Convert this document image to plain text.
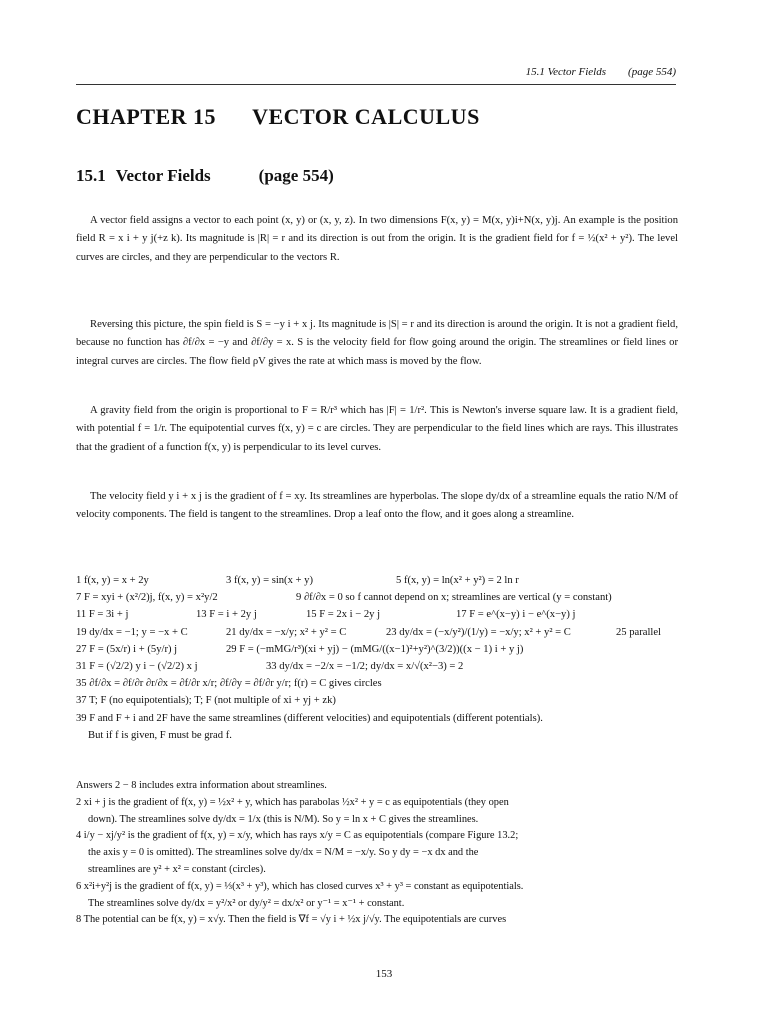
15.1 Vector Fields (page 554)
CHAPTER 15 VECTOR CALCULUS
15.1 Vector Fields	(page 554)

A vector field assigns a vector to each point (x, y) or (x, y, z). In two dimensions F(x, y) = M(x, y)i+N(x, y)j. An example is the position field R = x i + y j(+z k). Its magnitude is |R| = r and its direction is out from the origin. It is the gradient field for f = ½(x² + y²). The level curves are circles, and they are perpendicular to the vectors R.

Reversing this picture, the spin field is S = −y i + x j. Its magnitude is |S| = r and its direction is around the origin. It is not a gradient field, because no function has ∂f/∂x = −y and ∂f/∂y = x. S is the velocity field for flow going around the origin. The streamlines or field lines or integral curves are circles. The flow field ρV gives the rate at which mass is moved by the flow.

A gravity field from the origin is proportional to F = R/r³ which has |F| = 1/r². This is Newton's inverse square law. It is a gradient field, with potential f = 1/r. The equipotential curves f(x, y) = c are circles. They are perpendicular to the field lines which are rays. This illustrates that the gradient of a function f(x, y) is perpendicular to its level curves.

The velocity field y i + x j is the gradient of f = xy. Its streamlines are hyperbolas. The slope dy/dx of a streamline equals the ratio N/M of velocity components. The field is tangent to the streamlines. Drop a leaf onto the flow, and it goes along a streamline.

1 f(x, y) = x + 2y	3 f(x, y) = sin(x + y)	5 f(x, y) = ln(x² + y²) = 2 ln r
7 F = xyi + (x²/2)j, f(x, y) = x²y/2	9 ∂f/∂x = 0 so f cannot depend on x; streamlines are vertical (y = constant)
11 F = 3i + j	13 F = i + 2y j	15 F = 2x i − 2y j	17 F = e^(x−y) i − e^(x−y) j
19 dy/dx = −1; y = −x + C	21 dy/dx = −x/y; x² + y² = C	23 dy/dx = (−x/y²)/(1/y) = −x/y; x² + y² = C	25 parallel
27 F = (5x/r) i + (5y/r) j	29 F = (−mMG/r³)(xi + yj) − (mMG/((x−1)²+y²)^(3/2))((x − 1) i + y j)
31 F = (√2/2) y i − (√2/2) x j	33 dy/dx = −2/x = −1/2; dy/dx = x/√(x²−3) = 2
35 ∂f/∂x = ∂f/∂r ∂r/∂x = ∂f/∂r x/r; ∂f/∂y = ∂f/∂r y/r; f(r) = C gives circles
37 T; F (no equipotentials); T; F (not multiple of xi + yj + zk)
39 F and F + i and 2F have the same streamlines (different velocities) and equipotentials (different potentials).
But if f is given, F must be grad f.
Answers 2 − 8 includes extra information about streamlines.
2 xi + j is the gradient of f(x, y) = ½x² + y, which has parabolas ½x² + y = c as equipotentials (they open
down). The streamlines solve dy/dx = 1/x (this is N/M). So y = ln x + C gives the streamlines.
4 i/y − xj/y² is the gradient of f(x, y) = x/y, which has rays x/y = C as equipotentials (compare Figure 13.2;
the axis y = 0 is omitted). The streamlines solve dy/dx = N/M = −x/y. So y dy = −x dx and the
streamlines are y² + x² = constant (circles).
6 x²i+y²j is the gradient of f(x, y) = ⅓(x³ + y³), which has closed curves x³ + y³ = constant as equipotentials.
The streamlines solve dy/dx = y²/x² or dy/y² = dx/x² or y⁻¹ = x⁻¹ + constant.
8 The potential can be f(x, y) = x√y. Then the field is ∇f = √y i + ½x j/√y. The equipotentials are curves
153
